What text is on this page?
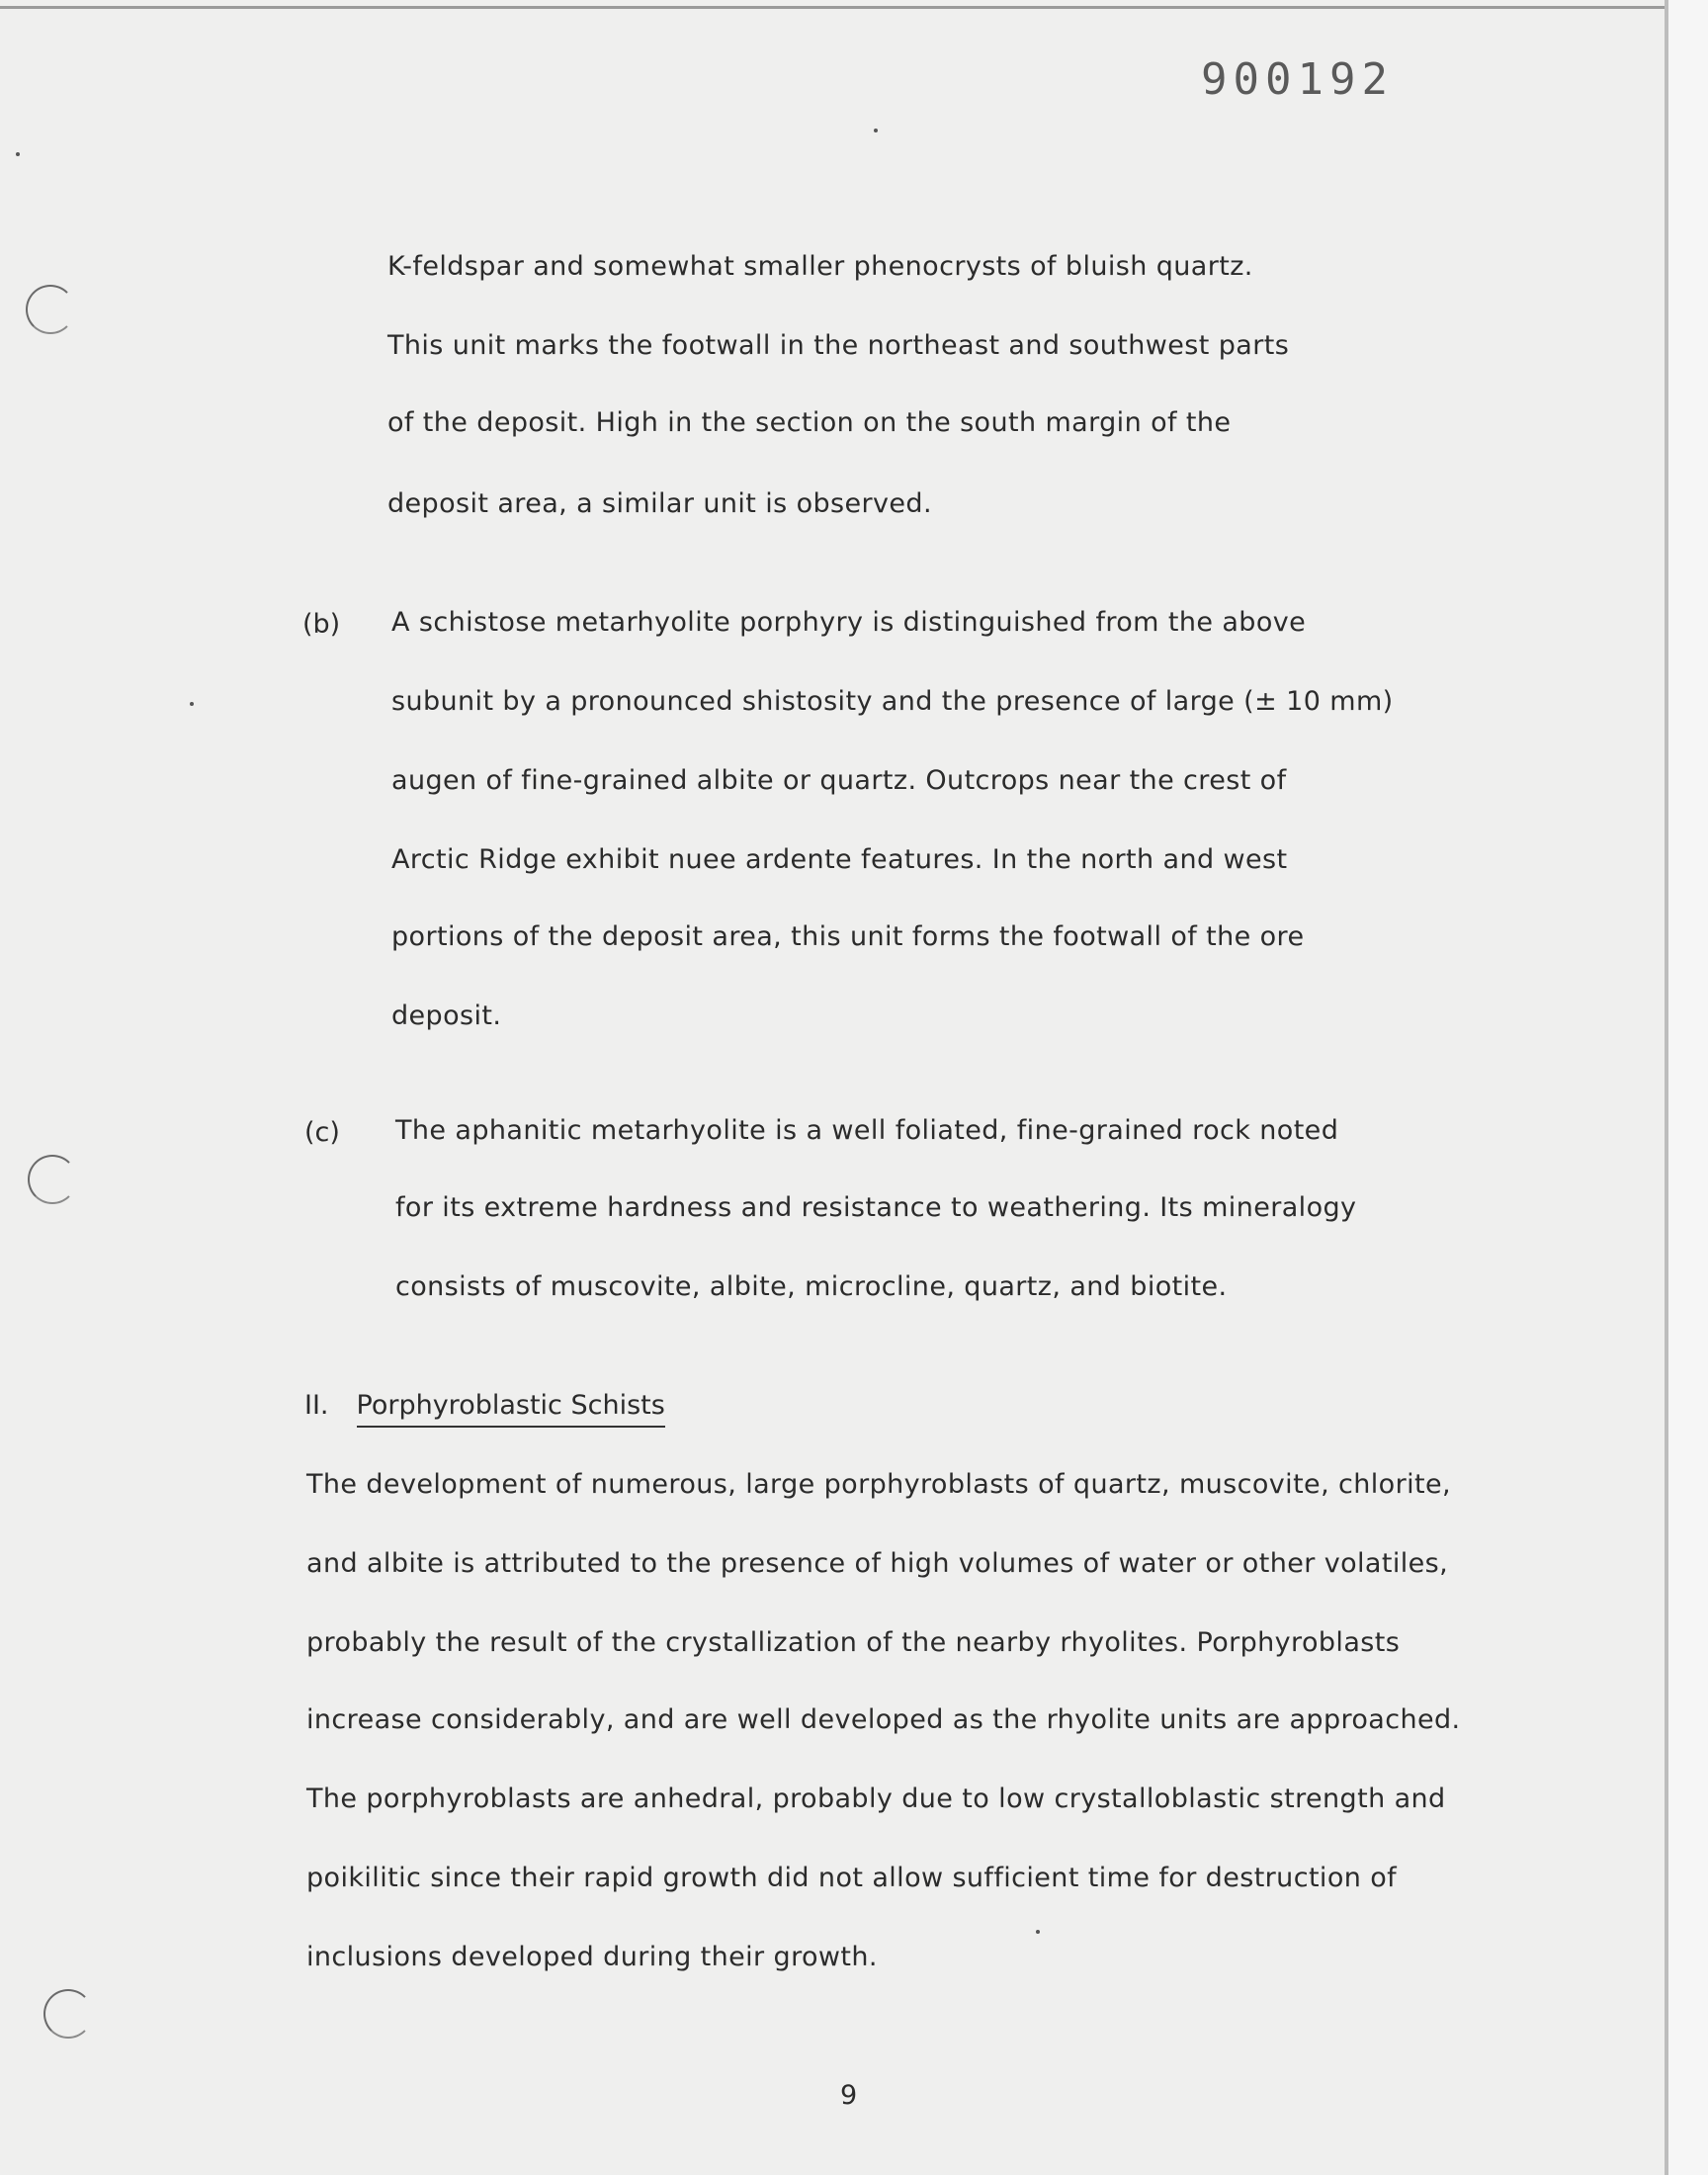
900192
K-feldspar and somewhat smaller phenocrysts of bluish quartz.
This unit marks the footwall in the northeast and southwest parts
of the deposit. High in the section on the south margin of the
deposit area, a similar unit is observed.
(b) A schistose metarhyolite porphyry is distinguished from the above
subunit by a pronounced shistosity and the presence of large (± 10 mm)
augen of fine-grained albite or quartz. Outcrops near the crest of
Arctic Ridge exhibit nuee ardente features. In the north and west
portions of the deposit area, this unit forms the footwall of the ore
deposit.
(c) The aphanitic metarhyolite is a well foliated, fine-grained rock noted
for its extreme hardness and resistance to weathering. Its mineralogy
consists of muscovite, albite, microcline, quartz, and biotite.
II. Porphyroblastic Schists
The development of numerous, large porphyroblasts of quartz, muscovite, chlorite,
and albite is attributed to the presence of high volumes of water or other volatiles,
probably the result of the crystallization of the nearby rhyolites. Porphyroblasts
increase considerably, and are well developed as the rhyolite units are approached.
The porphyroblasts are anhedral, probably due to low crystalloblastic strength and
poikilitic since their rapid growth did not allow sufficient time for destruction of
inclusions developed during their growth.
9
